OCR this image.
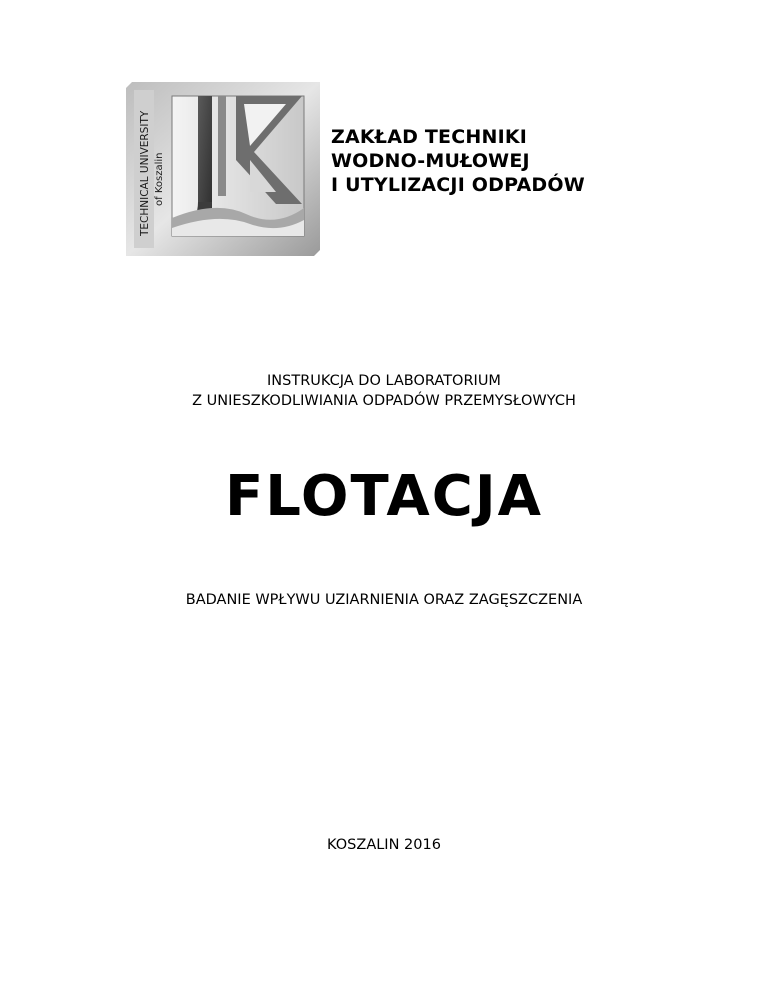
TECHNICAL UNIVERSITY of Koszalin
ZAKŁAD TECHNIKI
WODNO-MUŁOWEJ
I UTYLIZACJI ODPADÓW
INSTRUKCJA DO LABORATORIUM
Z UNIESZKODLIWIANIA ODPADÓW PRZEMYSŁOWYCH
FLOTACJA
BADANIE WPŁYWU UZIARNIENIA ORAZ ZAGĘSZCZENIA
KOSZALIN 2016
